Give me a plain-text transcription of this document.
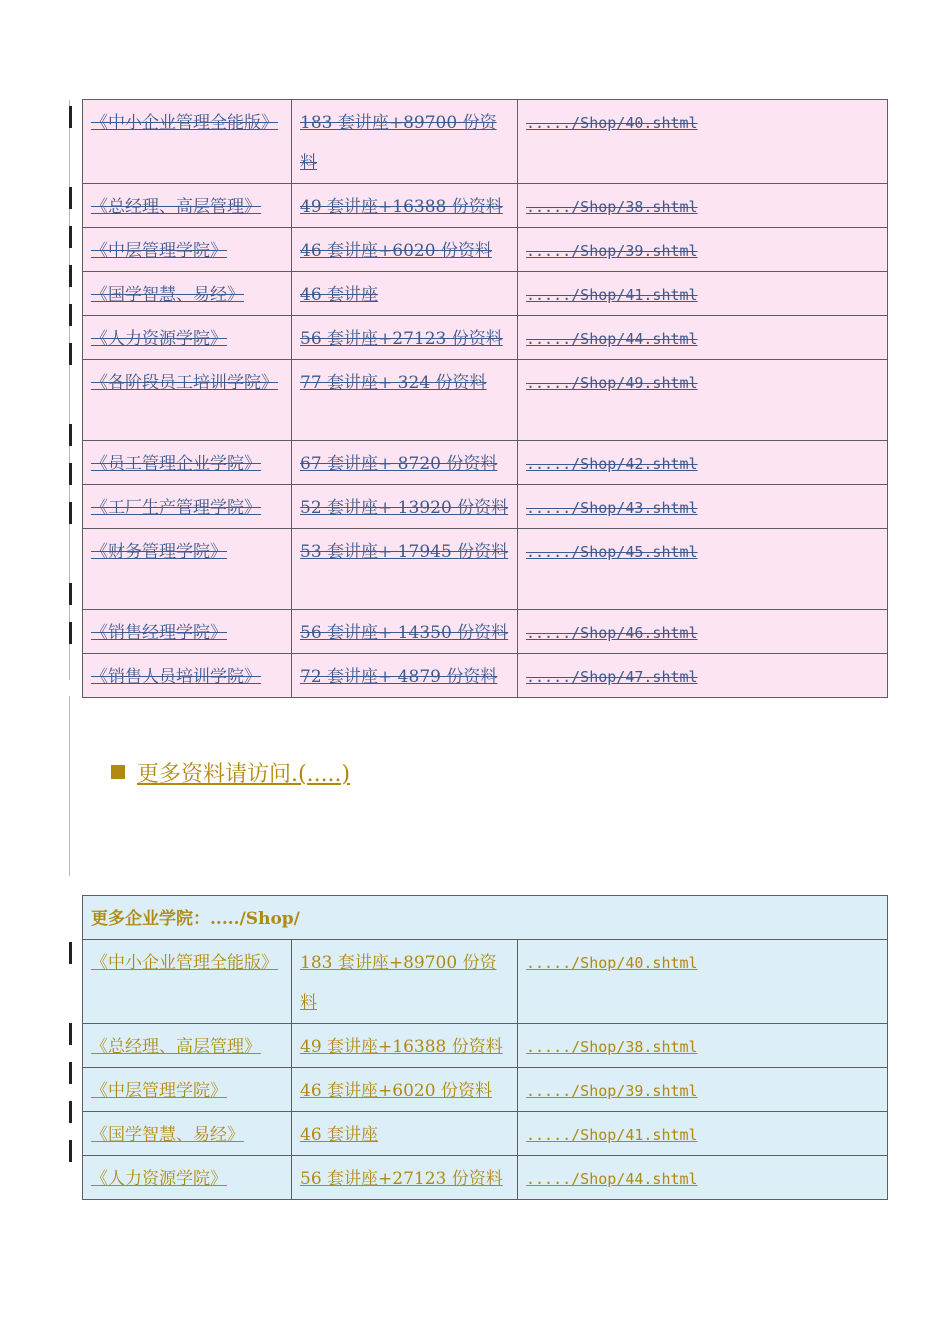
《中小企业管理全能版》	183 套讲座+89700 份资料	...../Shop/40.shtml
《总经理、高层管理》	49 套讲座+16388 份资料	...../Shop/38.shtml
《中层管理学院》	46 套讲座+6020 份资料	...../Shop/39.shtml
《国学智慧、易经》	46 套讲座	...../Shop/41.shtml
《人力资源学院》	56 套讲座+27123 份资料	...../Shop/44.shtml
《各阶段员工培训学院》	77 套讲座+ 324 份资料	...../Shop/49.shtml
《员工管理企业学院》	67 套讲座+ 8720 份资料	...../Shop/42.shtml
《工厂生产管理学院》	52 套讲座+ 13920 份资料	...../Shop/43.shtml
《财务管理学院》	53 套讲座+ 17945 份资料	...../Shop/45.shtml
《销售经理学院》	56 套讲座+ 14350 份资料	...../Shop/46.shtml
《销售人员培训学院》	72 套讲座+ 4879 份资料	...../Shop/47.shtml
更多资料请访问.(.....)
更多企业学院：...../Shop/		
《中小企业管理全能版》	183 套讲座+89700 份资料	...../Shop/40.shtml
《总经理、高层管理》	49 套讲座+16388 份资料	...../Shop/38.shtml
《中层管理学院》	46 套讲座+6020 份资料	...../Shop/39.shtml
《国学智慧、易经》	46 套讲座	...../Shop/41.shtml
《人力资源学院》	56 套讲座+27123 份资料	...../Shop/44.shtml
